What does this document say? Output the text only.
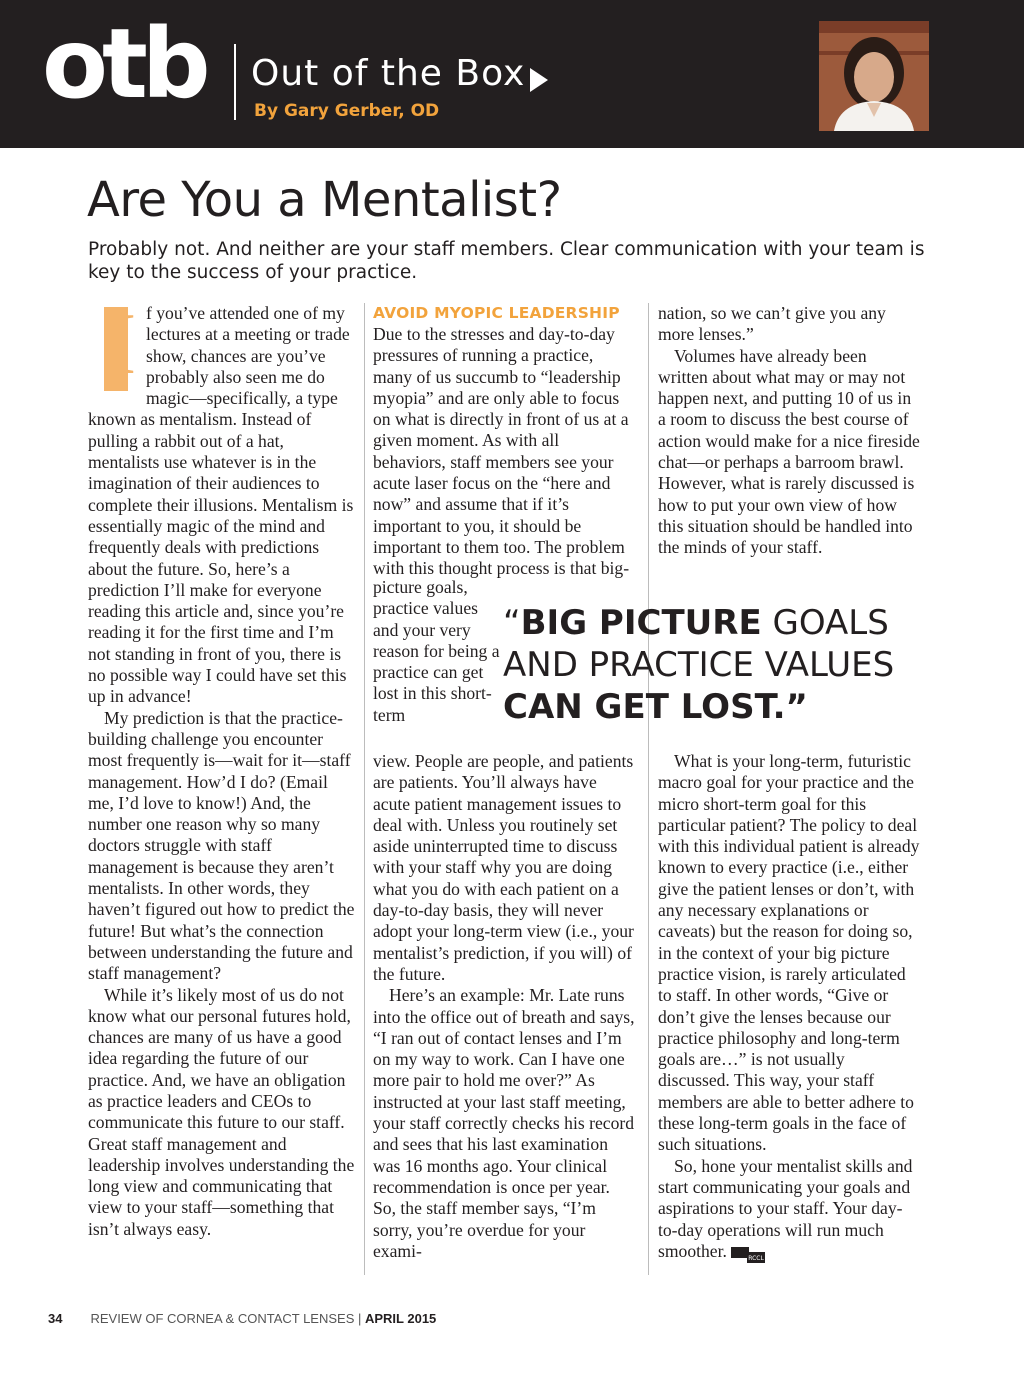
otb Out of the Box
By Gary Gerber, OD
Are You a Mentalist?
Probably not. And neither are your staff members. Clear communication with your team is key to the success of your practice.
I f you’ve attended one of my lectures at a meeting or trade show, chances are you’ve probably also seen me do magic—specifically, a type known as mentalism. Instead of pulling a rabbit out of a hat, mentalists use whatever is in the imagination of their audiences to complete their illusions. Mentalism is essentially magic of the mind and frequently deals with predictions about the future. So, here’s a prediction I’ll make for everyone reading this article and, since you’re reading it for the first time and I’m not standing in front of you, there is no possible way I could have set this up in advance!

My prediction is that the practice-building challenge you encounter most frequently is—wait for it—staff management. How’d I do? (Email me, I’d love to know!) And, the number one reason why so many doctors struggle with staff management is because they aren’t mentalists. In other words, they haven’t figured out how to predict the future! But what’s the connection between understanding the future and staff management?

While it’s likely most of us do not know what our personal futures hold, chances are many of us have a good idea regarding the future of our practice. And, we have an obligation as practice leaders and CEOs to communicate this future to our staff. Great staff management and leadership involves understanding the long view and communicating that view to your staff—something that isn’t always easy.

AVOID MYOPIC LEADERSHIP

Due to the stresses and day-to-day pressures of running a practice, many of us succumb to “leadership myopia” and are only able to focus on what is directly in front of us at a given moment. As with all behaviors, staff members see your acute laser focus on the “here and now” and assume that if it’s important to you, it should be important to them too. The problem with this thought process is that big-

picture goals, practice values and your very reason for being a practice can get lost in this short-term

view. People are people, and patients are patients. You’ll always have acute patient management issues to deal with. Unless you routinely set aside uninterrupted time to discuss with your staff why you are doing what you do with each patient on a day-to-day basis, they will never adopt your long-term view (i.e., your mentalist’s prediction, if you will) of the future.

Here’s an example: Mr. Late runs into the office out of breath and says, “I ran out of contact lenses and I’m on my way to work. Can I have one more pair to hold me over?” As instructed at your last staff meeting, your staff correctly checks his record and sees that his last examination was 16 months ago. Your clinical recommendation is once per year. So, the staff member says, “I’m sorry, you’re overdue for your exami-

nation, so we can’t give you any more lenses.”

Volumes have already been written about what may or may not happen next, and putting 10 of us in a room to discuss the best course of action would make for a nice fireside chat—or perhaps a barroom brawl. However, what is rarely discussed is how to put your own view of how this situation should be handled into the minds of your staff.

What is your long-term, futuristic macro goal for your practice and the micro short-term goal for this particular patient? The policy to deal with this individual patient is already known to every practice (i.e., either give the patient lenses or don’t, with any necessary explanations or caveats) but the reason for doing so, in the context of your big picture practice vision, is rarely articulated to staff. In other words, “Give or don’t give the lenses because our practice philosophy and long-term goals are…” is not usually discussed. This way, your staff members are able to better adhere to these long-term goals in the face of such situations.

So, hone your mentalist skills and start communicating your goals and aspirations to your staff. Your day-to-day operations will run much smoother.	RCCL

“BIG PICTURE GOALS AND PRACTICE VALUES CAN GET LOST.”
34 REVIEW OF CORNEA & CONTACT LENSES | APRIL 2015
